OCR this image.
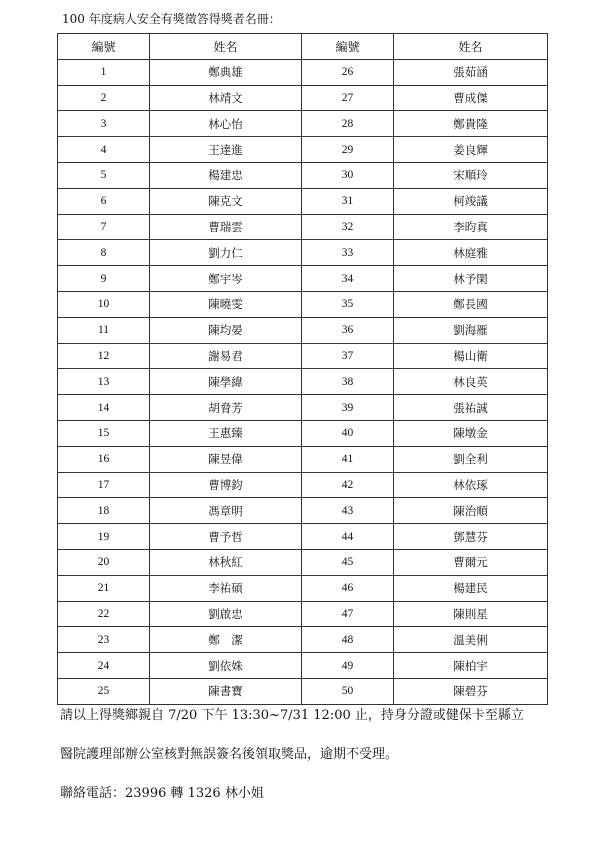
100 年度病人安全有獎徵答得獎者名冊：
編號	姓名	編號	姓名
1	鄭典雄	26	張茹涵
2	林靖文	27	曹成傑
3	林心怡	28	鄭貴隆
4	王達進	29	姜良輝
5	楊建忠	30	宋順玲
6	陳克文	31	柯竣議
7	曹瑞雲	32	李昀真
8	劉力仁	33	林庭雅
9	鄭宇岑	34	林予閑
10	陳曉雯	35	鄭長國
11	陳均晏	36	劉海雁
12	謝易君	37	楊山衛
13	陳學緯	38	林良英
14	胡脅芳	39	張祐誠
15	王惠臻	40	陳墩金
16	陳昱偉	41	劉全利
17	曹博鈞	42	林依琢
18	馮章明	43	陳治順
19	曹予哲	44	鄧慧芬
20	林秋紅	45	曹爾元
21	李祐碩	46	楊建民
22	劉啟忠	47	陳則星
23	鄭　潔	48	溫美俐
24	劉依姝	49	陳柏宇
25	陳書寶	50	陳碧芬
請以上得獎鄉親自 7/20 下午 13:30~7/31 12:00 止，持身分證或健保卡至縣立
醫院護理部辦公室核對無誤簽名後領取獎品，逾期不受理。
聯絡電話：23996 轉 1326 林小姐
